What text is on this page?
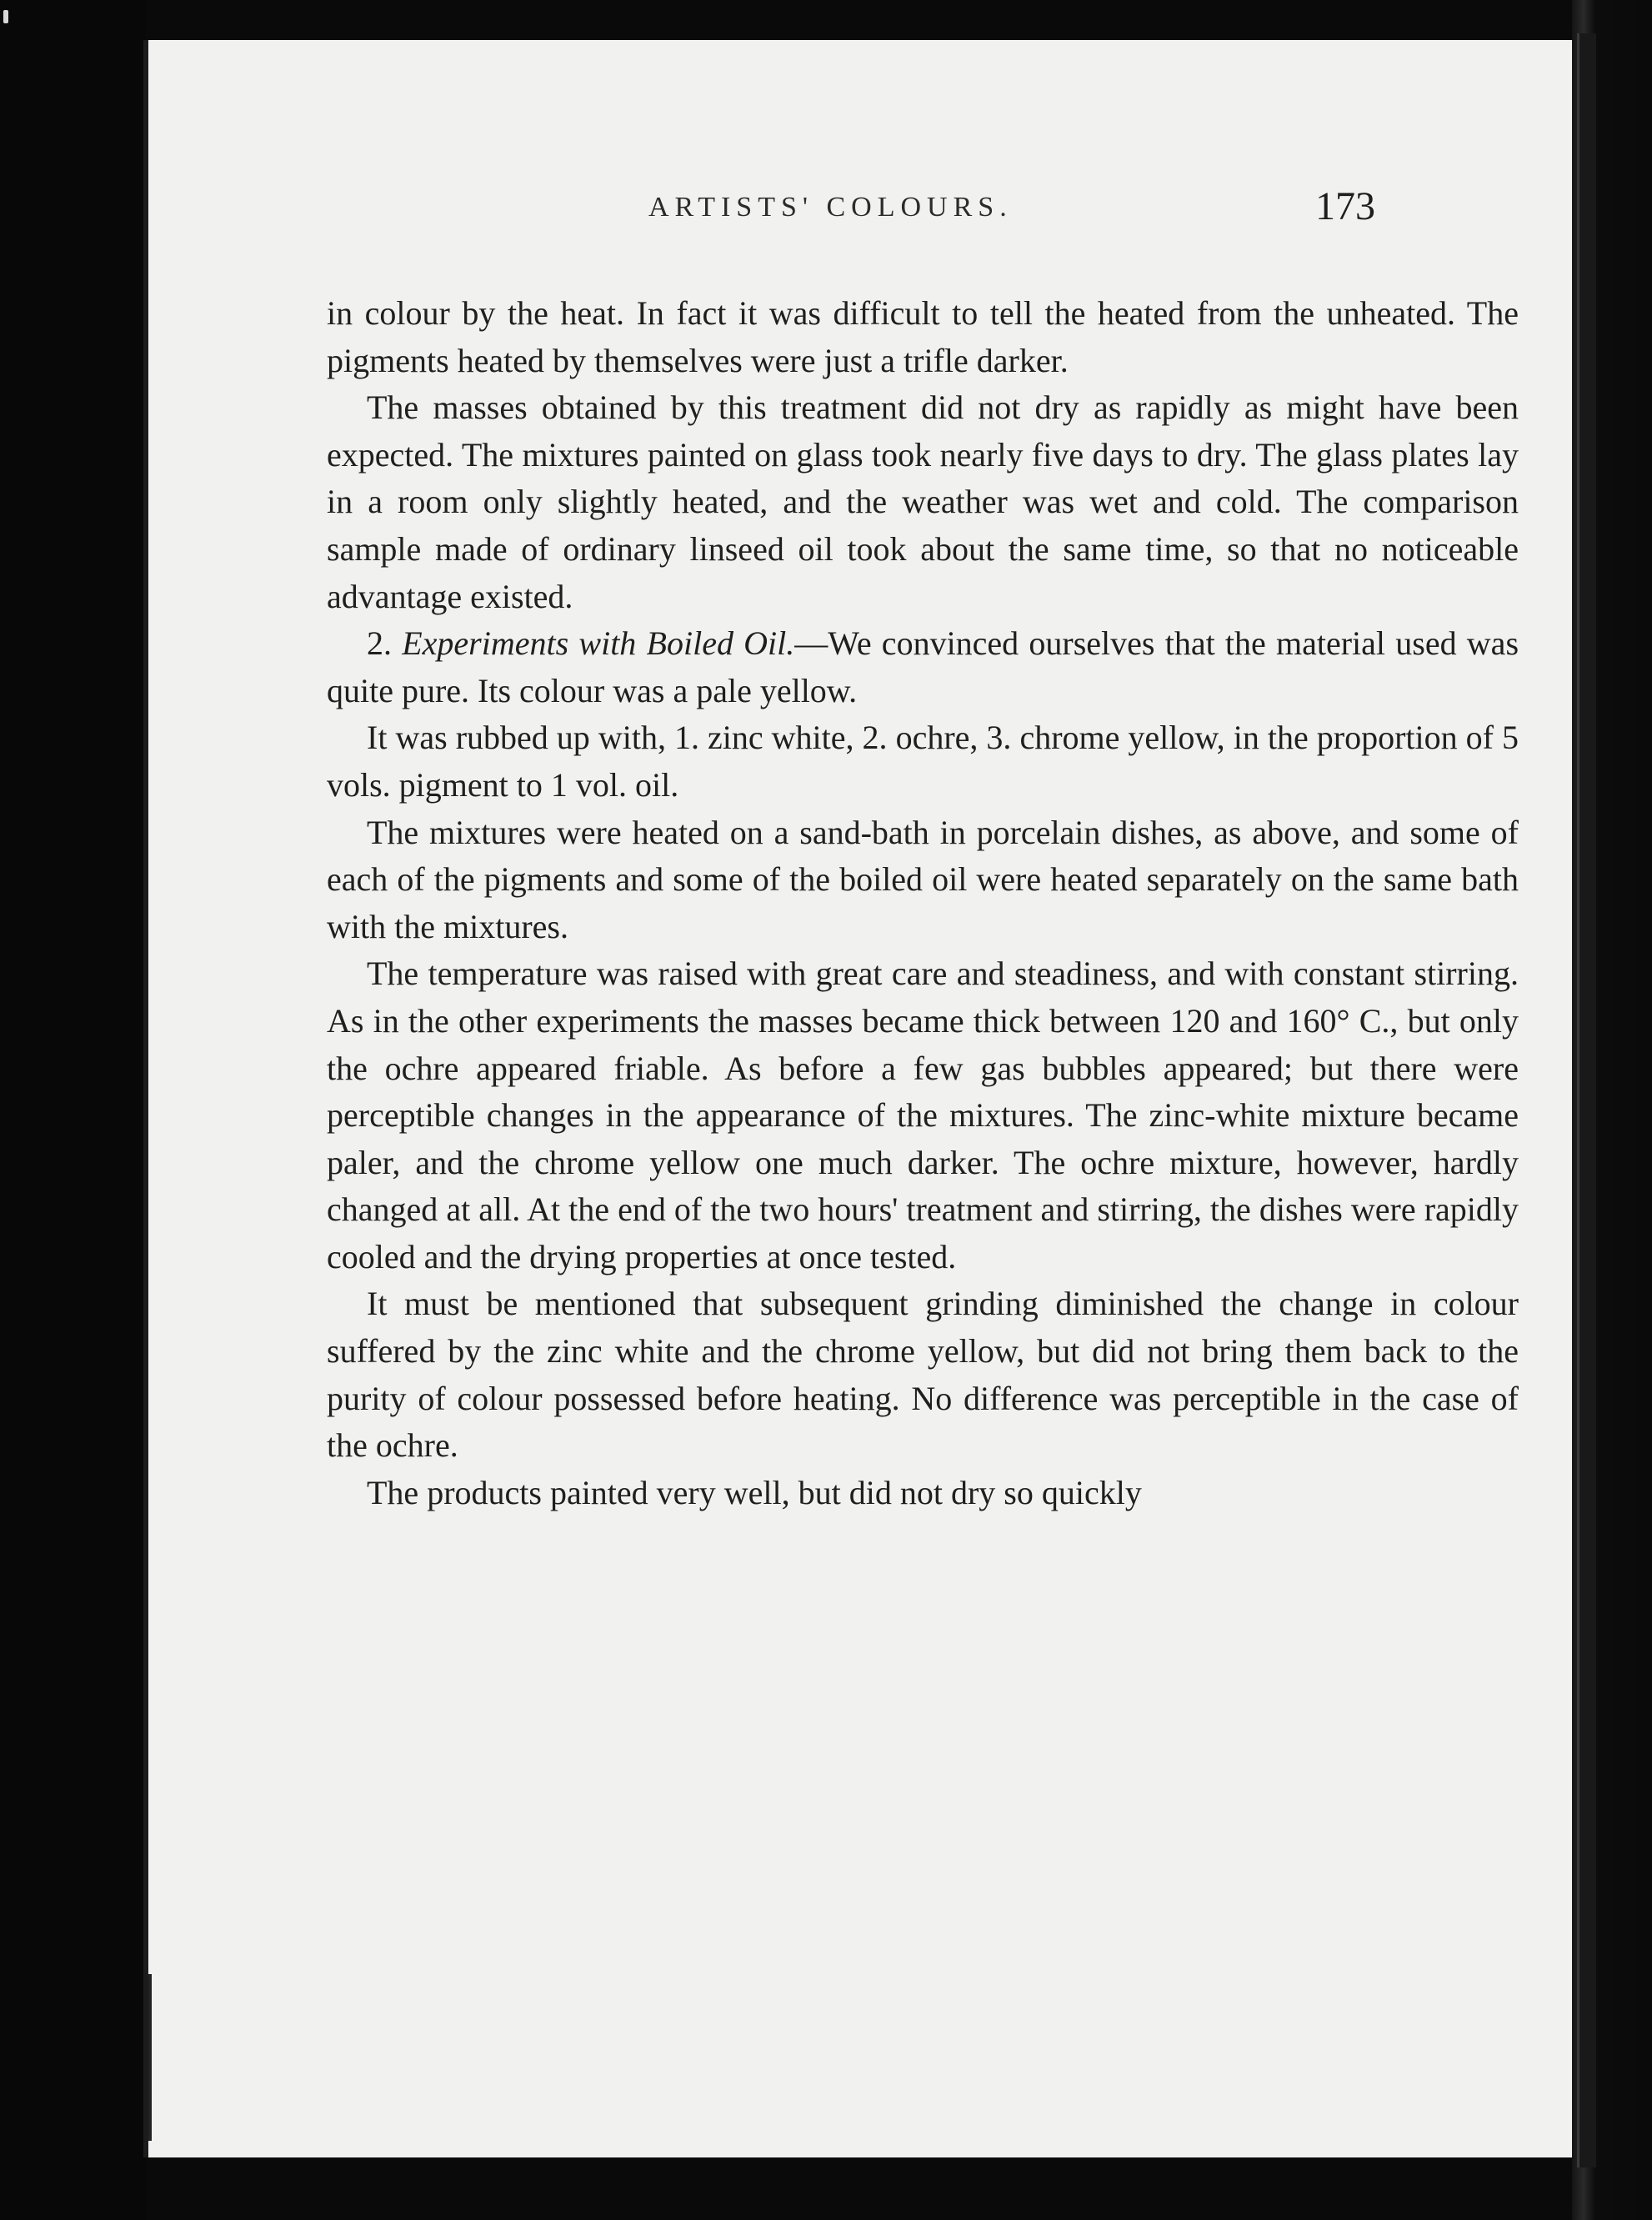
ARTISTS' COLOURS.	173

in colour by the heat. In fact it was difficult to tell the heated from the unheated. The pigments heated by themselves were just a trifle darker.

The masses obtained by this treatment did not dry as rapidly as might have been expected. The mixtures painted on glass took nearly five days to dry. The glass plates lay in a room only slightly heated, and the weather was wet and cold. The comparison sample made of ordinary linseed oil took about the same time, so that no noticeable advantage existed.

2. Experiments with Boiled Oil.—We convinced ourselves that the material used was quite pure. Its colour was a pale yellow.

It was rubbed up with, 1. zinc white, 2. ochre, 3. chrome yellow, in the proportion of 5 vols. pigment to 1 vol. oil.

The mixtures were heated on a sand-bath in porcelain dishes, as above, and some of each of the pigments and some of the boiled oil were heated separately on the same bath with the mixtures.

The temperature was raised with great care and steadiness, and with constant stirring. As in the other experiments the masses became thick between 120 and 160° C., but only the ochre appeared friable. As before a few gas bubbles appeared; but there were perceptible changes in the appearance of the mixtures. The zinc-white mixture became paler, and the chrome yellow one much darker. The ochre mixture, however, hardly changed at all. At the end of the two hours' treatment and stirring, the dishes were rapidly cooled and the drying properties at once tested.

It must be mentioned that subsequent grinding diminished the change in colour suffered by the zinc white and the chrome yellow, but did not bring them back to the purity of colour possessed before heating. No difference was perceptible in the case of the ochre.

The products painted very well, but did not dry so quickly
